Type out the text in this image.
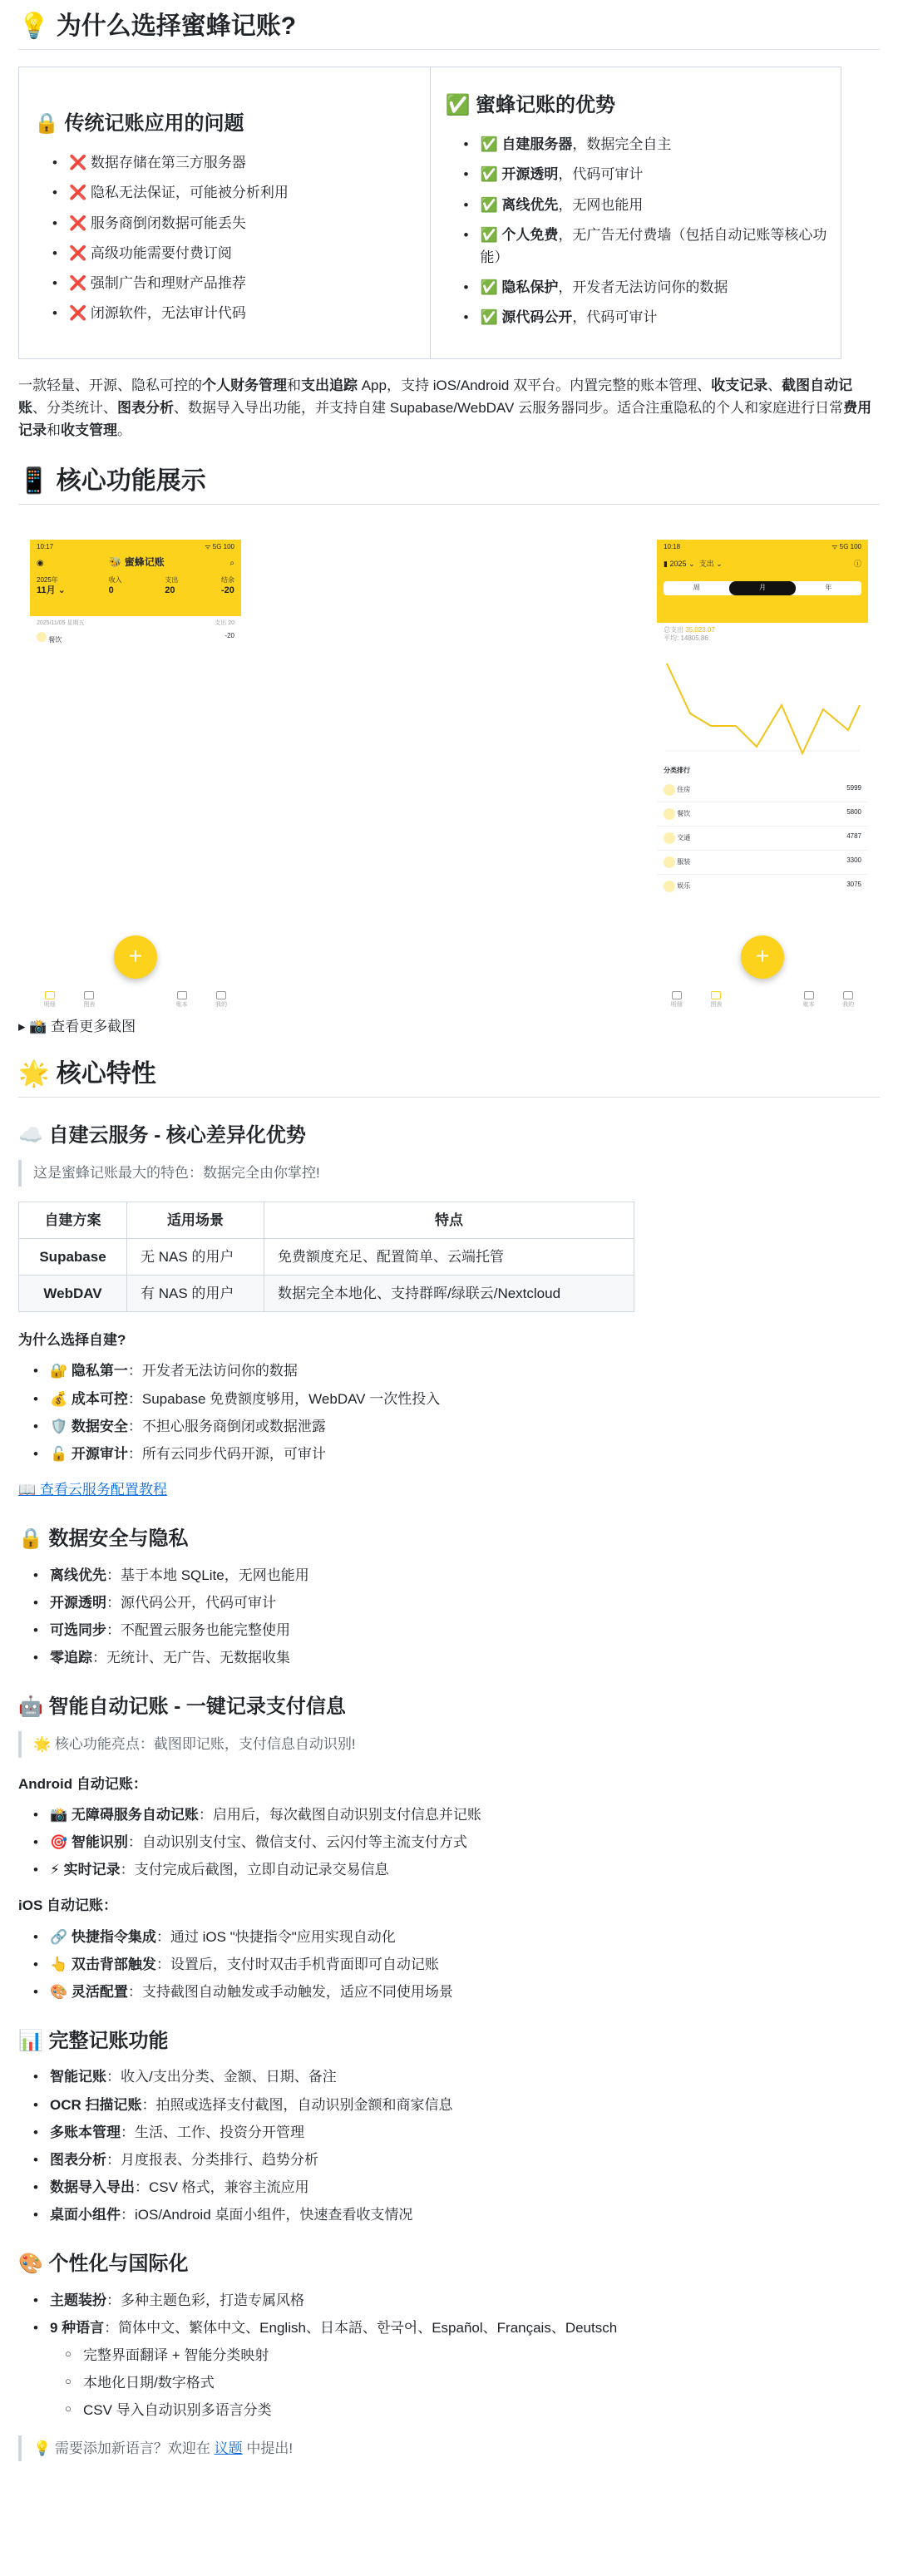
💡 为什么选择蜜蜂记账?
🔒 传统记账应用的问题
• ❌ 数据存储在第三方服务器
• ❌ 隐私无法保证，可能被分析利用
• ❌ 服务商倒闭数据可能丢失
• ❌ 高级功能需要付费订阅
• ❌ 强制广告和理财产品推荐
• ❌ 闭源软件，无法审计代码
✅ 蜜蜂记账的优势
• ✅ 自建服务器，数据完全自主
• ✅ 开源透明，代码可审计
• ✅ 离线优先，无网也能用
• ✅ 个人免费，无广告无付费墙（包括自动记账等核心功能）
• ✅ 隐私保护，开发者无法访问你的数据
• ✅ 源代码公开，代码可审计

一款轻量、开源、隐私可控的个人财务管理和支出追踪 App，支持 iOS/Android 双平台。内置完整的账本管理、收支记录、截图自动记账、分类统计、图表分析、数据导入导出功能，并支持自建 Supabase/WebDAV 云服务器同步。适合注重隐私的个人和家庭进行日常费用记录和收支管理。

📱 核心功能展示
10:17	ᯤ 5G 100
◉	🐝 蜜蜂记账	⌕
2025年
11月 ⌄
收入
0
支出
20
结余
-20
2025/11/05 星期五	支出 20
餐饮
-20
+
明细	图表	账本	我的
10:18	ᯤ 5G 100
▮ 2025 ⌄ 支出 ⌄	ⓘ
周	月	年
总支出 35,023.07
平均: 14805.86
分类排行
住房	5999
餐饮	5800
交通	4787
服装	3300
娱乐	3075
+
明细	图表	账本	我的
▸ 📸 查看更多截图
🌟 核心特性
☁️ 自建云服务 - 核心差异化优势
这是蜜蜂记账最大的特色：数据完全由你掌控!
自建方案	适用场景	特点
Supabase	无 NAS 的用户	免费额度充足、配置简单、云端托管
WebDAV	有 NAS 的用户	数据完全本地化、支持群晖/绿联云/Nextcloud
为什么选择自建?
• 🔐 隐私第一：开发者无法访问你的数据
• 💰 成本可控：Supabase 免费额度够用，WebDAV 一次性投入
• 🛡️ 数据安全：不担心服务商倒闭或数据泄露
• 🔓 开源审计：所有云同步代码开源，可审计

📖 查看云服务配置教程

🔒 数据安全与隐私
• 离线优先：基于本地 SQLite，无网也能用
• 开源透明：源代码公开，代码可审计
• 可选同步：不配置云服务也能完整使用
• 零追踪：无统计、无广告、无数据收集
🤖 智能自动记账 - 一键记录支付信息
🌟 核心功能亮点：截图即记账，支付信息自动识别!
Android 自动记账：
• 📸 无障碍服务自动记账：启用后，每次截图自动识别支付信息并记账
• 🎯 智能识别：自动识别支付宝、微信支付、云闪付等主流支付方式
• ⚡ 实时记录：支付完成后截图，立即自动记录交易信息
iOS 自动记账：
• 🔗 快捷指令集成：通过 iOS "快捷指令"应用实现自动化
• 👆 双击背部触发：设置后，支付时双击手机背面即可自动记账
• 🎨 灵活配置：支持截图自动触发或手动触发，适应不同使用场景
📊 完整记账功能
• 智能记账：收入/支出分类、金额、日期、备注
• OCR 扫描记账：拍照或选择支付截图，自动识别金额和商家信息
• 多账本管理：生活、工作、投资分开管理
• 图表分析：月度报表、分类排行、趋势分析
• 数据导入导出：CSV 格式，兼容主流应用
• 桌面小组件：iOS/Android 桌面小组件，快速查看收支情况
🎨 个性化与国际化
• 主题装扮：多种主题色彩，打造专属风格
• 9 种语言：简体中文、繁体中文、English、日本語、한국어、Español、Français、Deutsch
○ 完整界面翻译 + 智能分类映射
○ 本地化日期/数字格式
○ CSV 导入自动识别多语言分类
💡 需要添加新语言？欢迎在 议题 中提出!
